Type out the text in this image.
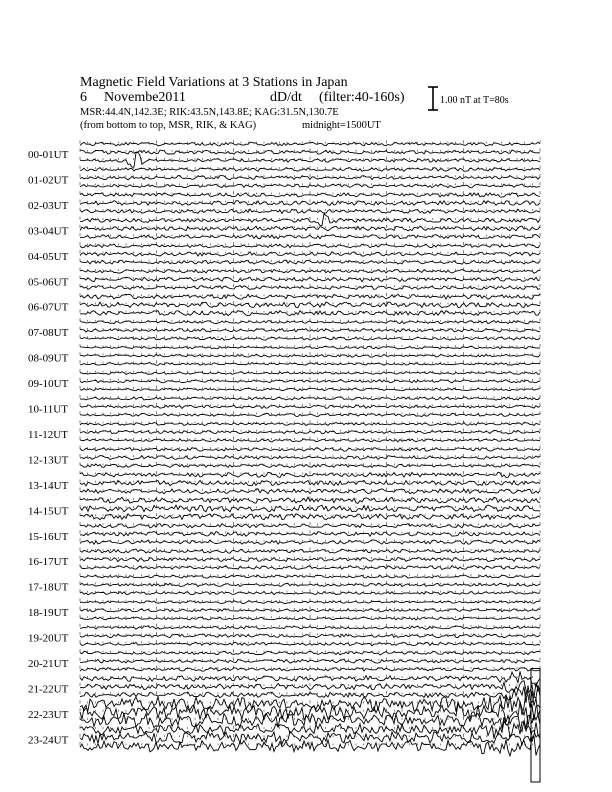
Magnetic Field Variations at 3 Stations in Japan
6 Novembe2011	dD/dt (filter:40-160s)
MSR:44.4N,142.3E; RIK:43.5N,143.8E; KAG:31.5N,130.7E
(from bottom to top, MSR, RIK, & KAG)	midnight=1500UT
1.00 nT at T=80s
00-01UT
01-02UT
02-03UT
03-04UT
04-05UT
05-06UT
06-07UT
07-08UT
08-09UT
09-10UT
10-11UT
11-12UT
12-13UT
13-14UT
14-15UT
15-16UT
16-17UT
17-18UT
18-19UT
19-20UT
20-21UT
21-22UT
22-23UT
23-24UT
